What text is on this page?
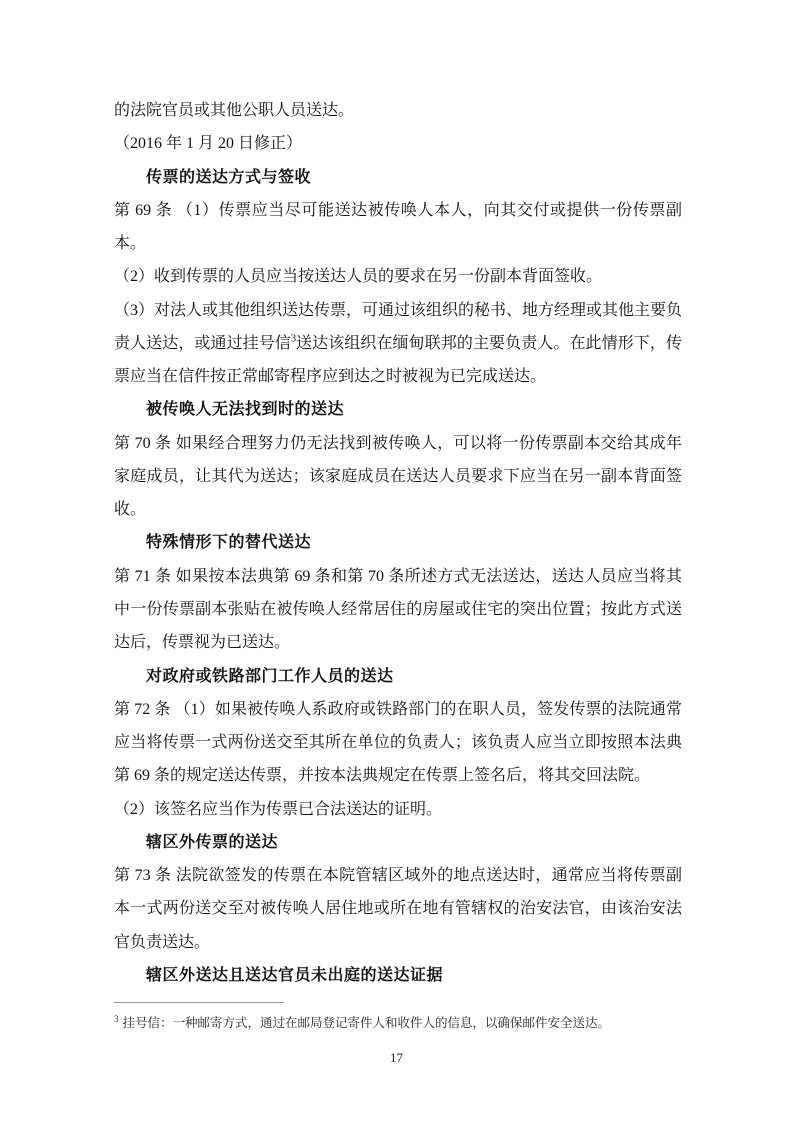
的法院官员或其他公职人员送达。

（2016 年 1 月 20 日修正）

传票的送达方式与签收

第 69 条 （1）传票应当尽可能送达被传唤人本人，向其交付或提供一份传票副本。

（2）收到传票的人员应当按送达人员的要求在另一份副本背面签收。

（3）对法人或其他组织送达传票，可通过该组织的秘书、地方经理或其他主要负责人送达，或通过挂号信$^3$送达该组织在缅甸联邦的主要负责人。在此情形下，传票应当在信件按正常邮寄程序应到达之时被视为已完成送达。

被传唤人无法找到时的送达

第 70 条 如果经合理努力仍无法找到被传唤人，可以将一份传票副本交给其成年家庭成员，让其代为送达；该家庭成员在送达人员要求下应当在另一副本背面签收。

特殊情形下的替代送达

第 71 条 如果按本法典第 69 条和第 70 条所述方式无法送达，送达人员应当将其中一份传票副本张贴在被传唤人经常居住的房屋或住宅的突出位置；按此方式送达后，传票视为已送达。

对政府或铁路部门工作人员的送达

第 72 条 （1）如果被传唤人系政府或铁路部门的在职人员，签发传票的法院通常应当将传票一式两份送交至其所在单位的负责人；该负责人应当立即按照本法典第 69 条的规定送达传票，并按本法典规定在传票上签名后，将其交回法院。

（2）该签名应当作为传票已合法送达的证明。

辖区外传票的送达

第 73 条 法院欲签发的传票在本院管辖区域外的地点送达时，通常应当将传票副本一式两份送交至对被传唤人居住地或所在地有管辖权的治安法官，由该治安法官负责送达。

辖区外送达且送达官员未出庭的送达证据

$^3$ 挂号信：一种邮寄方式，通过在邮局登记寄件人和收件人的信息，以确保邮件安全送达。
17
